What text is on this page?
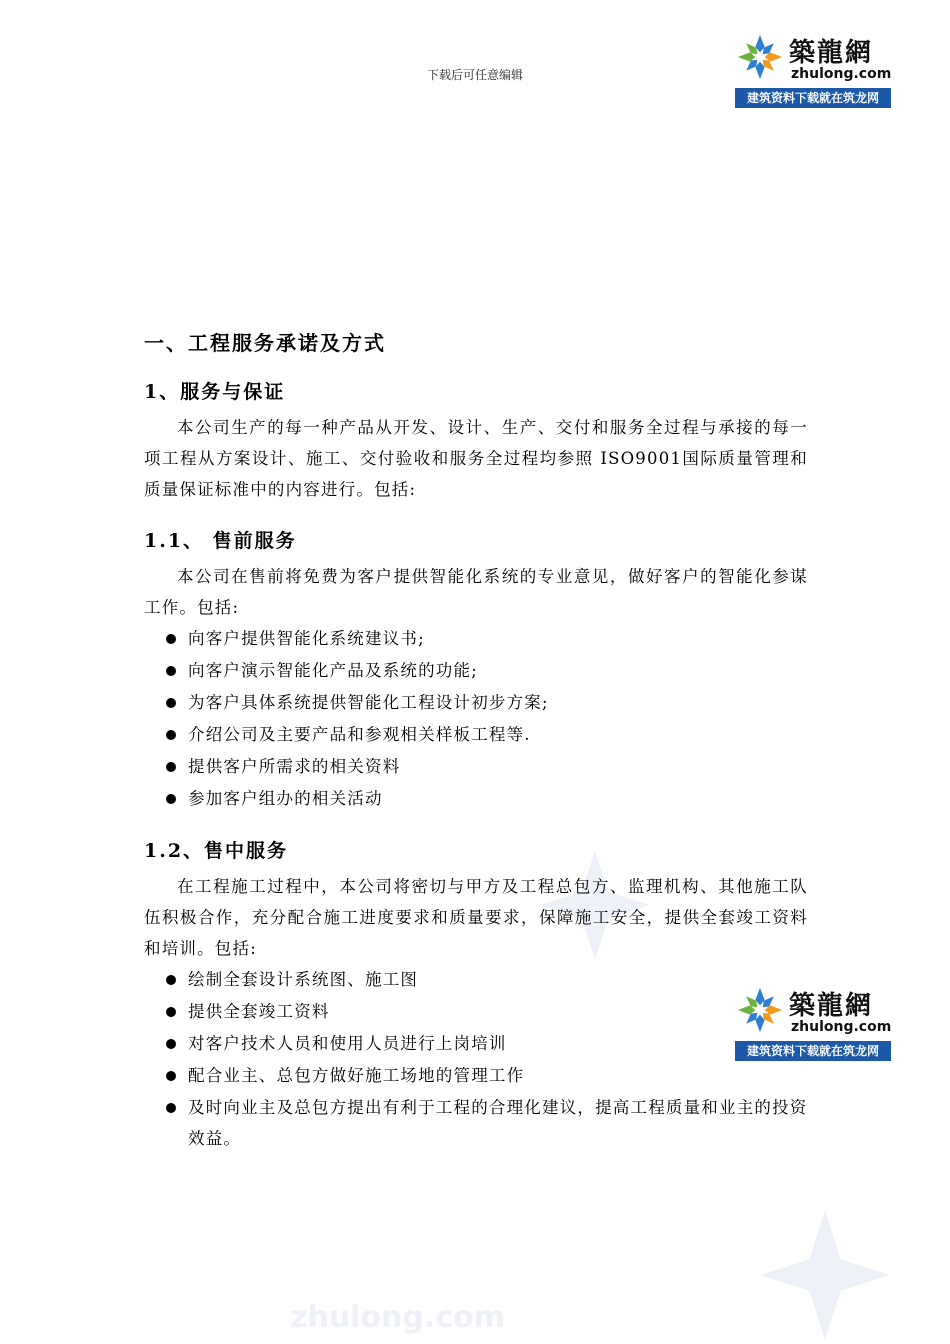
zhulong.com
下载后可任意编辑
築龍網
zhulong.com
建筑资料下载就在筑龙网
築龍網
zhulong.com
建筑资料下载就在筑龙网
一、工程服务承诺及方式
1、服务与保证

本公司生产的每一种产品从开发、设计、生产、交付和服务全过程与承接的每一项工程从方案设计、施工、交付验收和服务全过程均参照 ISO9001国际质量管理和质量保证标准中的内容进行。包括:

1.1、 售前服务

本公司在售前将免费为客户提供智能化系统的专业意见，做好客户的智能化参谋工作。包括:

向客户提供智能化系统建议书;
向客户演示智能化产品及系统的功能;
为客户具体系统提供智能化工程设计初步方案;
介绍公司及主要产品和参观相关样板工程等.
提供客户所需求的相关资料
参加客户组办的相关活动
1.2、售中服务

在工程施工过程中，本公司将密切与甲方及工程总包方、监理机构、其他施工队伍积极合作，充分配合施工进度要求和质量要求，保障施工安全，提供全套竣工资料和培训。包括:

绘制全套设计系统图、施工图
提供全套竣工资料
对客户技术人员和使用人员进行上岗培训
配合业主、总包方做好施工场地的管理工作
及时向业主及总包方提出有利于工程的合理化建议，提高工程质量和业主的投资效益。
